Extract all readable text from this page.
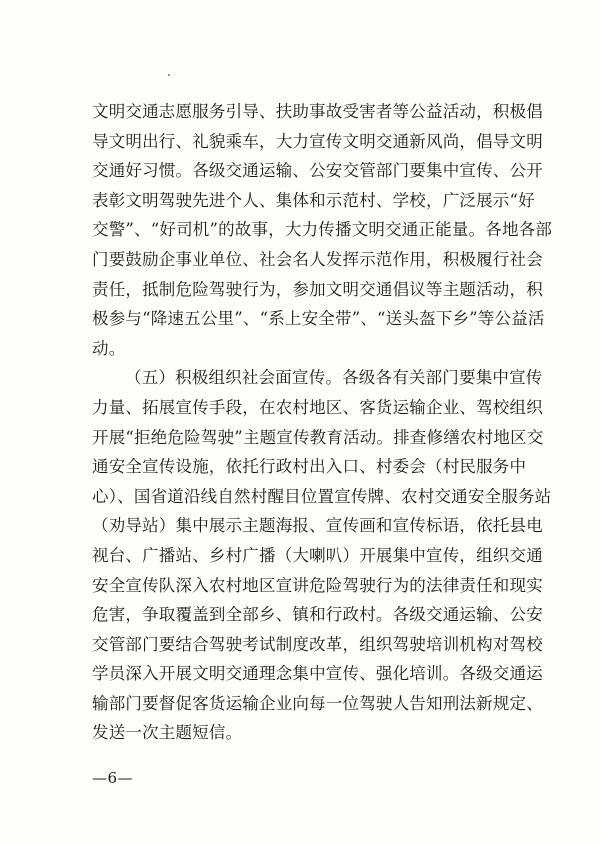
文明交通志愿服务引导、扶助事故受害者等公益活动，积极倡
导文明出行、礼貌乘车，大力宣传文明交通新风尚，倡导文明
交通好习惯。各级交通运输、公安交管部门要集中宣传、公开
表彰文明驾驶先进个人、集体和示范村、学校，广泛展示“好
交警”、“好司机”的故事，大力传播文明交通正能量。各地各部
门要鼓励企事业单位、社会名人发挥示范作用，积极履行社会
责任，抵制危险驾驶行为，参加文明交通倡议等主题活动，积
极参与“降速五公里”、“系上安全带”、“送头盔下乡”等公益活
动。
（五）积极组织社会面宣传。各级各有关部门要集中宣传
力量、拓展宣传手段，在农村地区、客货运输企业、驾校组织
开展“拒绝危险驾驶”主题宣传教育活动。排查修缮农村地区交
通安全宣传设施，依托行政村出入口、村委会（村民服务中
心）、国省道沿线自然村醒目位置宣传牌、农村交通安全服务站
（劝导站）集中展示主题海报、宣传画和宣传标语，依托县电
视台、广播站、乡村广播（大喇叭）开展集中宣传，组织交通
安全宣传队深入农村地区宣讲危险驾驶行为的法律责任和现实
危害，争取覆盖到全部乡、镇和行政村。各级交通运输、公安
交管部门要结合驾驶考试制度改革，组织驾驶培训机构对驾校
学员深入开展文明交通理念集中宣传、强化培训。各级交通运
输部门要督促客货运输企业向每一位驾驶人告知刑法新规定、
发送一次主题短信。
—6—
